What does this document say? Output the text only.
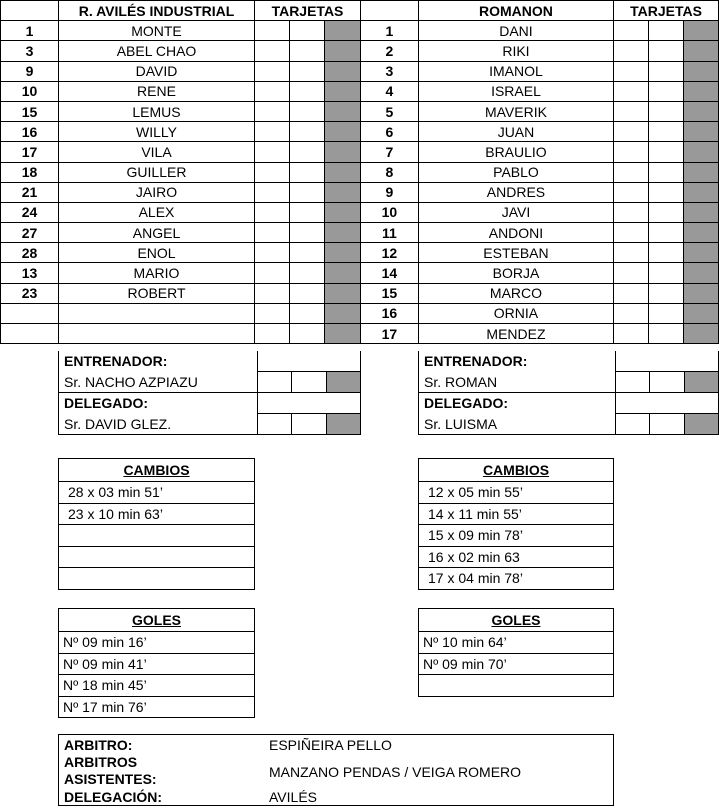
	R. AVILÉS INDUSTRIAL	TARJETAS		
1	MONTE			
3	ABEL CHAO			
9	DAVID			
10	RENE			
15	LEMUS			
16	WILLY			
17	VILA			
18	GUILLER			
21	JAIRO			
24	ALEX			
27	ANGEL			
28	ENOL			
13	MARIO			
23	ROBERT			

	ROMANON	TARJETAS		
1	DANI			
2	RIKI			
3	IMANOL			
4	ISRAEL			
5	MAVERIK			
6	JUAN			
7	BRAULIO			
8	PABLO			
9	ANDRES			
10	JAVI			
11	ANDONI			
12	ESTEBAN			
14	BORJA			
15	MARCO			
16	ORNIA			
17	MENDEZ			
ENTRENADOR:			
Sr. NACHO AZPIAZU			
DELEGADO:			
Sr. DAVID GLEZ.			
ENTRENADOR:			
Sr. ROMAN			
DELEGADO:			
Sr. LUISMA			
CAMBIOS
28 x 03 min 51’
23 x 10 min 63’

CAMBIOS
12 x 05 min 55’
14 x 11 min 55’
15 x 09 min 78’
16 x 02 min 63
17 x 04 min 78’
GOLES
Nº 09 min 16’
Nº 09 min 41’
Nº 18 min 45’
Nº 17 min 76’
GOLES
Nº 10 min 64’
Nº 09 min 70’

ARBITRO:	ESPIÑEIRA PELLO
ARBITROS
ASISTENTES:	MANZANO PENDAS / VEIGA ROMERO
DELEGACIÓN:	AVILÉS
